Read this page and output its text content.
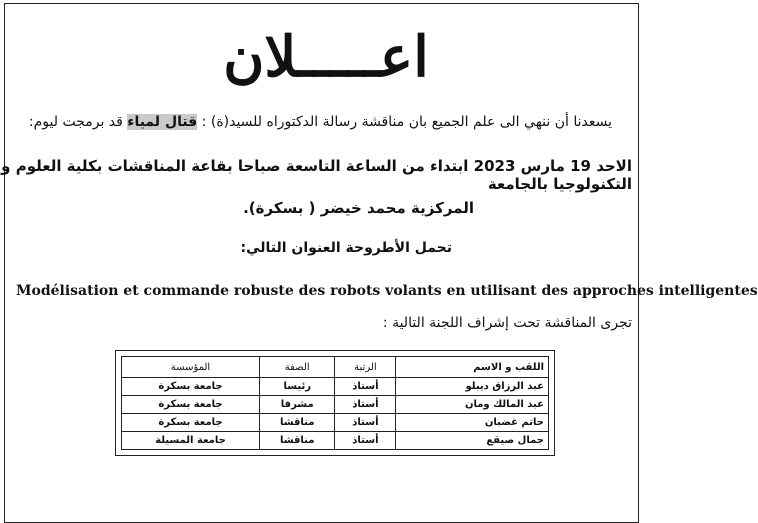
اعـــــلان
يسعدنا أن ننهي الى علم الجميع بان مناقشة رسالة الدكتوراه للسيد(ة) : قتال لمياء قد برمجت ليوم:
الاحد 19 مارس 2023 ابتداء من الساعة التاسعة صباحا بقاعة المناقشات بكلية العلوم و التكنولوجيا بالجامعة
المركزية محمد خيضر ( بسكرة).
تحمل الأطروحة العنوان التالي:
Modélisation et commande robuste des robots volants en utilisant des approches intelligentes
تجرى المناقشة تحت إشراف اللجنة التالية :
اللقب و الاسم	الرتبة	الصفة	المؤسسة
عبد الرزاق ديبلو	أستاذ	رئيسا	جامعة بسكرة
عبد المالك ومان	أستاذ	مشرفا	جامعة بسكرة
حاتم غضبان	أستاذ	مناقشا	جامعة بسكرة
جمال صيقع	أستاذ	مناقشا	جامعة المسيلة
